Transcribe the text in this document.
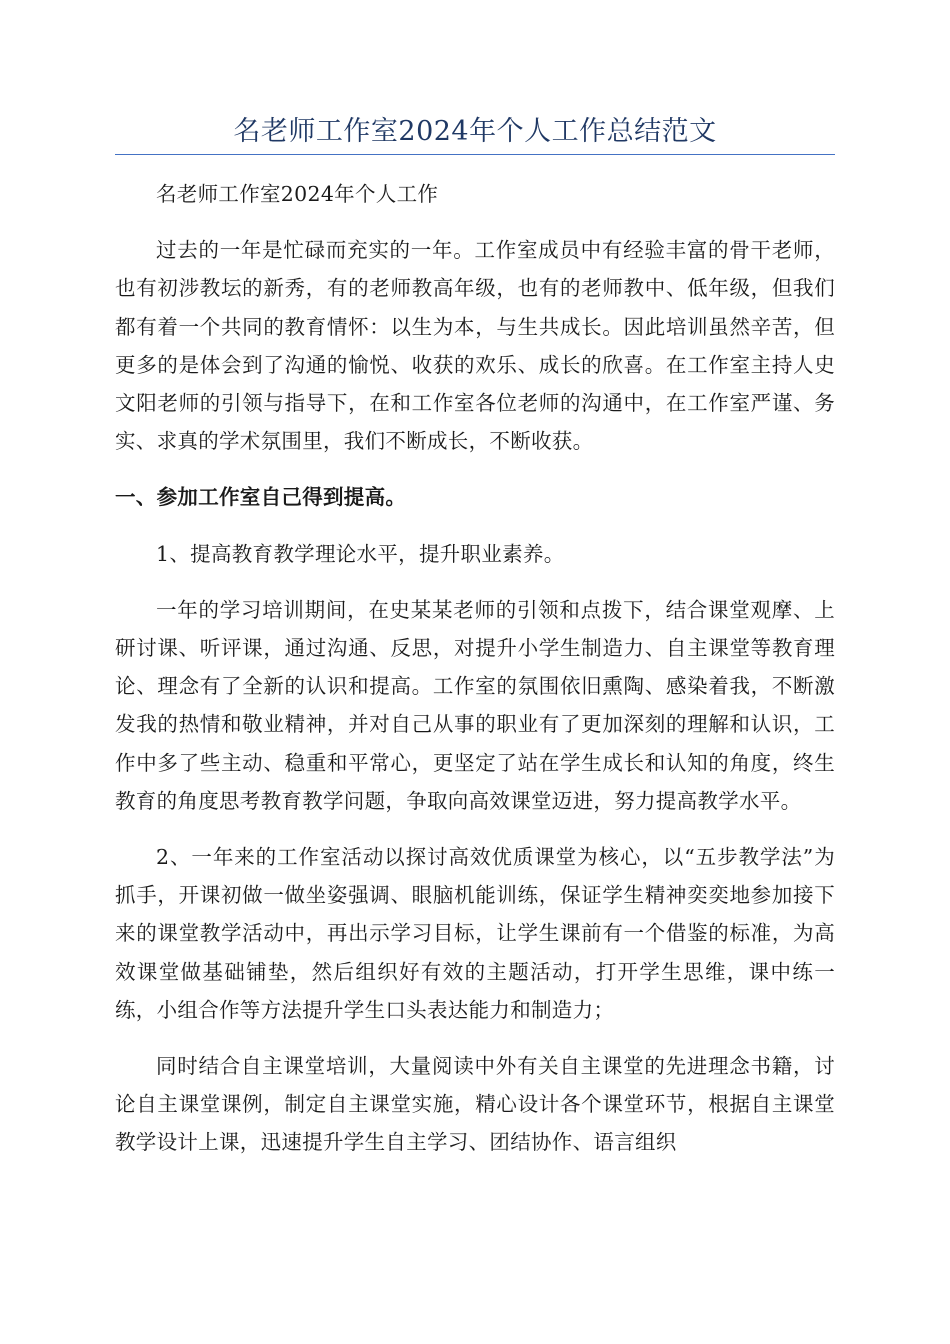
名老师工作室2024年个人工作总结范文

名老师工作室2024年个人工作

过去的一年是忙碌而充实的一年。工作室成员中有经验丰富的骨干老师，也有初涉教坛的新秀，有的老师教高年级，也有的老师教中、低年级，但我们都有着一个共同的教育情怀：以生为本，与生共成长。因此培训虽然辛苦，但更多的是体会到了沟通的愉悦、收获的欢乐、成长的欣喜。在工作室主持人史文阳老师的引领与指导下，在和工作室各位老师的沟通中，在工作室严谨、务实、求真的学术氛围里，我们不断成长，不断收获。

一、参加工作室自己得到提高。

1、提高教育教学理论水平，提升职业素养。

一年的学习培训期间，在史某某老师的引领和点拨下，结合课堂观摩、上研讨课、听评课，通过沟通、反思，对提升小学生制造力、自主课堂等教育理论、理念有了全新的认识和提高。工作室的氛围依旧熏陶、感染着我，不断激发我的热情和敬业精神，并对自己从事的职业有了更加深刻的理解和认识，工作中多了些主动、稳重和平常心，更坚定了站在学生成长和认知的角度，终生教育的角度思考教育教学问题，争取向高效课堂迈进，努力提高教学水平。

2、一年来的工作室活动以探讨高效优质课堂为核心，以“五步教学法”为抓手，开课初做一做坐姿强调、眼脑机能训练，保证学生精神奕奕地参加接下来的课堂教学活动中，再出示学习目标，让学生课前有一个借鉴的标准，为高效课堂做基础铺垫，然后组织好有效的主题活动，打开学生思维，课中练一练，小组合作等方法提升学生口头表达能力和制造力；

同时结合自主课堂培训，大量阅读中外有关自主课堂的先进理念书籍，讨论自主课堂课例，制定自主课堂实施，精心设计各个课堂环节，根据自主课堂教学设计上课，迅速提升学生自主学习、团结协作、语言组织
